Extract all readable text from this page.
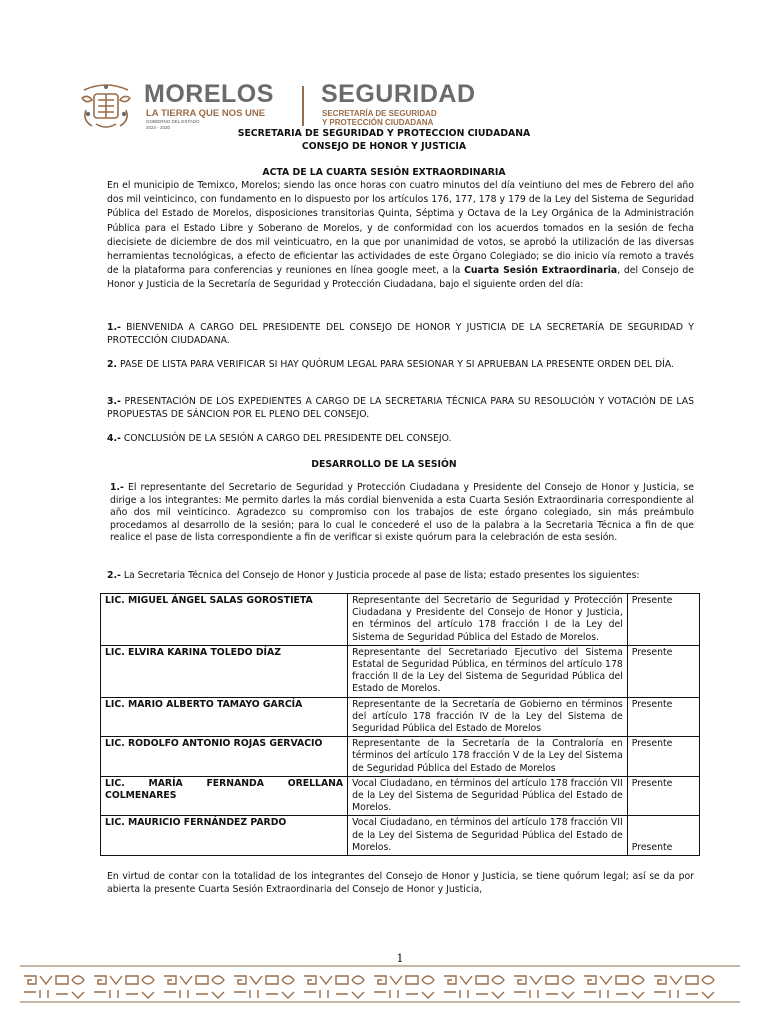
MORELOS
LA TIERRA QUE NOS UNE
GOBIERNO DEL ESTADO
2024 - 2030
SEGURIDAD
SECRETARÍA DE SEGURIDAD
Y PROTECCIÓN CIUDADANA
SECRETARIA DE SEGURIDAD Y PROTECCION CIUDADANA
CONSEJO DE HONOR Y JUSTICIA
ACTA DE LA CUARTA SESIÓN EXTRAORDINARIA
En el municipio de Temixco, Morelos; siendo las once horas con cuatro minutos del día veintiuno del mes de Febrero del año dos mil veinticinco, con fundamento en lo dispuesto por los artículos 176, 177, 178 y 179 de la Ley del Sistema de Seguridad Pública del Estado de Morelos, disposiciones transitorias Quinta, Séptima y Octava de la Ley Orgánica de la Administración Pública para el Estado Libre y Soberano de Morelos, y de conformidad con los acuerdos tomados en la sesión de fecha diecisiete de diciembre de dos mil veinticuatro, en la que por unanimidad de votos, se aprobó la utilización de las diversas herramientas tecnológicas, a efecto de eficientar las actividades de este Órgano Colegiado; se dio inicio vía remoto a través de la plataforma para conferencias y reuniones en línea google meet, a la Cuarta Sesión Extraordinaria, del Consejo de Honor y Justicia de la Secretaría de Seguridad y Protección Ciudadana, bajo el siguiente orden del día:
1.- BIENVENIDA A CARGO DEL PRESIDENTE DEL CONSEJO DE HONOR Y JUSTICIA DE LA SECRETARÍA DE SEGURIDAD Y PROTECCIÓN CIUDADANA.
2. PASE DE LISTA PARA VERIFICAR SI HAY QUÓRUM LEGAL PARA SESIONAR Y SI APRUEBAN LA PRESENTE ORDEN DEL DÍA.
3.- PRESENTACIÓN DE LOS EXPEDIENTES A CARGO DE LA SECRETARIA TÉCNICA PARA SU RESOLUCIÓN Y VOTACIÓN DE LAS PROPUESTAS DE SÁNCION POR EL PLENO DEL CONSEJO.
4.- CONCLUSIÓN DE LA SESIÓN A CARGO DEL PRESIDENTE DEL CONSEJO.
DESARROLLO DE LA SESIÓN
1.- El representante del Secretario de Seguridad y Protección Ciudadana y Presidente del Consejo de Honor y Justicia, se dirige a los integrantes: Me permito darles la más cordial bienvenida a esta Cuarta Sesión Extraordinaria correspondiente al año dos mil veinticinco. Agradezco su compromiso con los trabajos de este órgano colegiado, sin más preámbulo procedamos al desarrollo de la sesión; para lo cual le concederé el uso de la palabra a la Secretaria Técnica a fin de que realice el pase de lista correspondiente a fin de verificar si existe quórum para la celebración de esta sesión.
2.- La Secretaria Técnica del Consejo de Honor y Justicia procede al pase de lista; estado presentes los siguientes:
LIC. MIGUEL ÁNGEL SALAS GOROSTIETA	Representante del Secretario de Seguridad y Protección Ciudadana y Presidente del Consejo de Honor y Justicia, en términos del artículo 178 fracción I de la Ley del Sistema de Seguridad Pública del Estado de Morelos.	Presente
LIC. ELVIRA KARINA TOLEDO DÍAZ	Representante del Secretariado Ejecutivo del Sistema Estatal de Seguridad Pública, en términos del artículo 178 fracción II de la Ley del Sistema de Seguridad Pública del Estado de Morelos.	Presente
LIC. MARIO ALBERTO TAMAYO GARCÍA	Representante de la Secretaría de Gobierno en términos del artículo 178 fracción IV de la Ley del Sistema de Seguridad Pública del Estado de Morelos	Presente
LIC. RODOLFO ANTONIO ROJAS GERVACIO	Representante de la Secretaría de la Contraloría en términos del artículo 178 fracción V de la Ley del Sistema de Seguridad Pública del Estado de Morelos	Presente
LIC. MARÍA FERNANDA ORELLANA COLMENARES	Vocal Ciudadano, en términos del artículo 178 fracción VII de la Ley del Sistema de Seguridad Pública del Estado de Morelos.	Presente
LIC. MAURICIO FERNÁNDEZ PARDO	Vocal Ciudadano, en términos del artículo 178 fracción VII de la Ley del Sistema de Seguridad Pública del Estado de Morelos.	Presente
En virtud de contar con la totalidad de los integrantes del Consejo de Honor y Justicia, se tiene quórum legal; así se da por abierta la presente Cuarta Sesión Extraordinaria del Consejo de Honor y Justicia,
1
